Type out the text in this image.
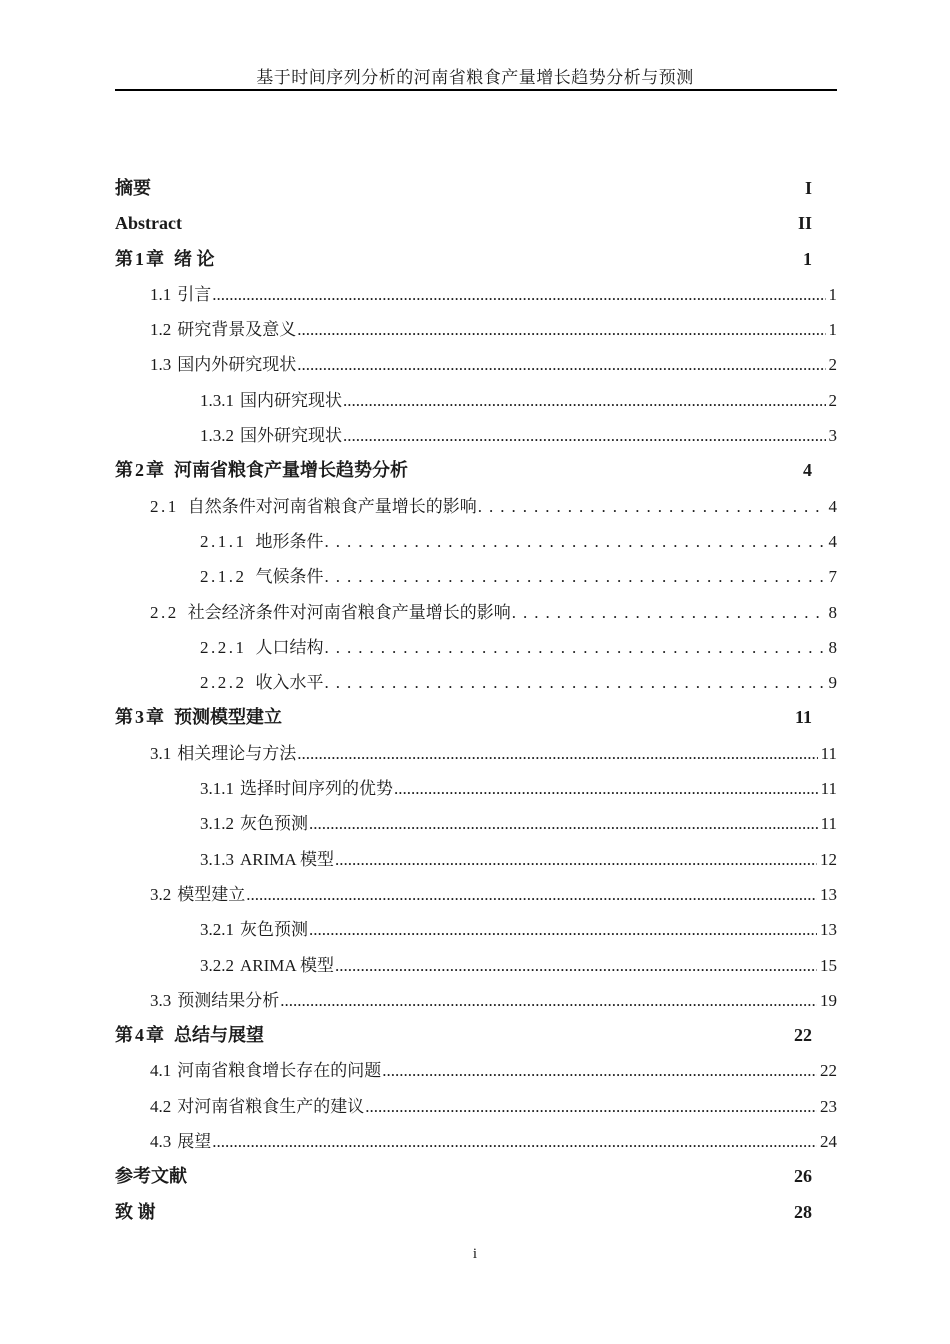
基于时间序列分析的河南省粮食产量增长趋势分析与预测
摘要	I
Abstract	II
第1章 绪 论	1
1.1 引言 .....	1
1.2 研究背景及意义 .....	1
1.3 国内外研究现状 .....	2
1.3.1 国内研究现状 .....	2
1.3.2 国外研究现状 .....	3
第2章 河南省粮食产量增长趋势分析	4
2.1 自然条件对河南省粮食产量增长的影响 .....	4
2.1.1 地形条件 .....	4
2.1.2 气候条件 .....	7
2.2 社会经济条件对河南省粮食产量增长的影响 .....	8
2.2.1 人口结构 .....	8
2.2.2 收入水平 .....	9
第3章 预测模型建立	11
3.1 相关理论与方法 .....	11
3.1.1 选择时间序列的优势 .....	11
3.1.2 灰色预测 .....	11
3.1.3 ARIMA 模型 .....	12
3.2 模型建立 .....	13
3.2.1 灰色预测 .....	13
3.2.2 ARIMA 模型 .....	15
3.3 预测结果分析 .....	19
第4章 总结与展望	22
4.1 河南省粮食增长存在的问题 .....	22
4.2 对河南省粮食生产的建议 .....	23
4.3 展望 .....	24
参考文献	26
致 谢	28
i
